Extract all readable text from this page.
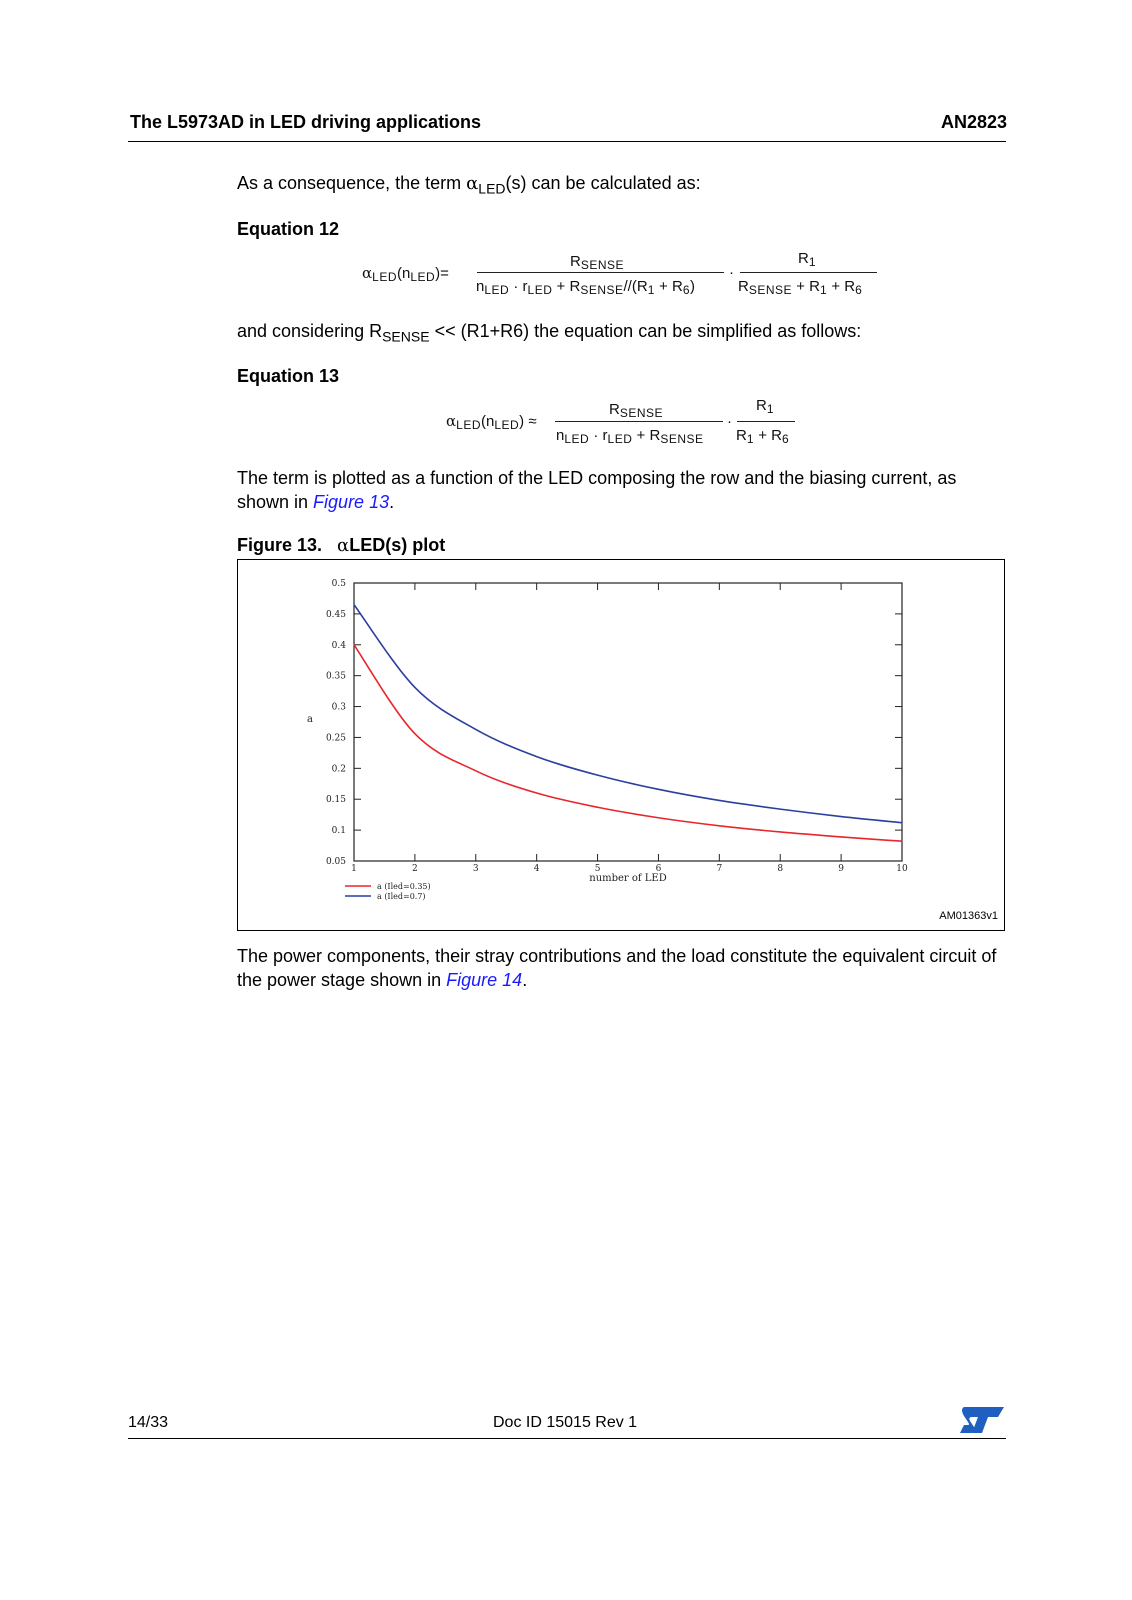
The L5973AD in LED driving applications	AN2823
As a consequence, the term $\alpha_{LED}(s)$ can be calculated as:
Equation 12
$\alpha_{LED}(n_{LED})=$
$R_{SENSE}$
$n_{LED} \cdot r_{LED} + R_{SENSE}//(R_1 + R_6)$
·
$R_1$
$R_{SENSE} + R_1 + R_6$
and considering $R_{SENSE} << (R1+R6)$ the equation can be simplified as follows:
Equation 13
$\alpha_{LED}(n_{LED})$ ≈
$R_{SENSE}$
$n_{LED} \cdot r_{LED} + R_{SENSE}$
·
$R_1$
$R_1 + R_6$
The term is plotted as a function of the LED composing the row and the biasing current, as shown in Figure 13.
Figure 13. αLED(s) plot
0.5
0.45
0.4
0.35
0.3
0.25
0.2
0.15
0.1
0.05
1	2	3	4	5	6	7	8	9	10
number of LED
a
a (Iled=0.35)
a (Iled=0.7)
AM01363v1
The power components, their stray contributions and the load constitute the equivalent circuit of the power stage shown in Figure 14.
14/33	Doc ID 15015 Rev 1
